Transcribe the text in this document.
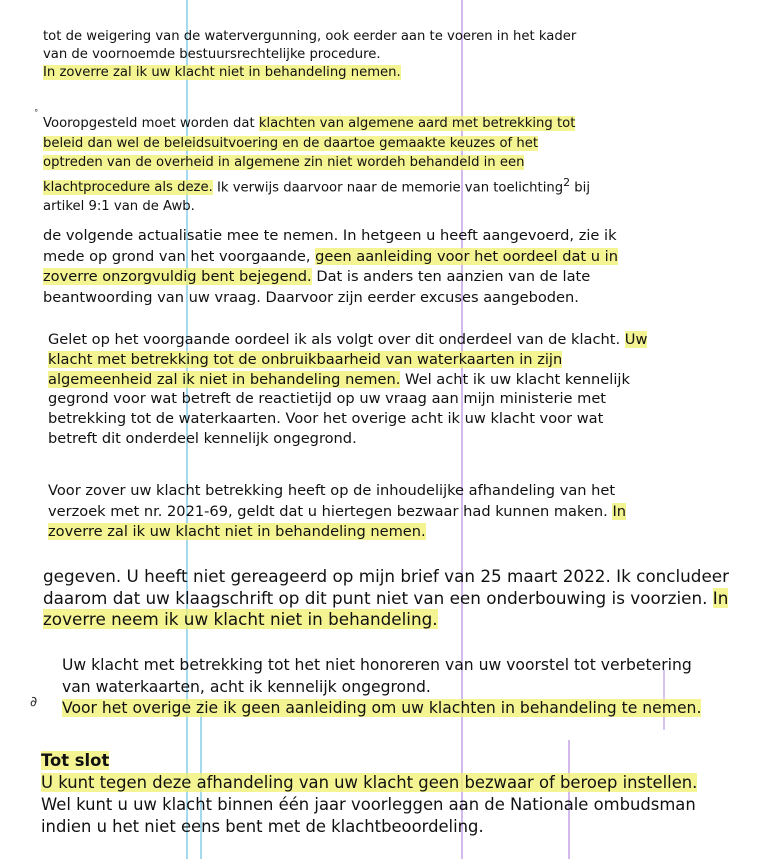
˚
∂
tot de weigering van de watervergunning, ook eerder aan te voeren in het kader
van de voornoemde bestuursrechtelijke procedure.
In zoverre zal ik uw klacht niet in behandeling nemen.
Vooropgesteld moet worden dat klachten van algemene aard met betrekking tot
beleid dan wel de beleidsuitvoering en de daartoe gemaakte keuzes of het
optreden van de overheid in algemene zin niet wordeh behandeld in een
klachtprocedure als deze. Ik verwijs daarvoor naar de memorie van toelichting$^2$ bij
artikel 9:1 van de Awb.
de volgende actualisatie mee te nemen. In hetgeen u heeft aangevoerd, zie ik
mede op grond van het voorgaande, geen aanleiding voor het oordeel dat u in
zoverre onzorgvuldig bent bejegend. Dat is anders ten aanzien van de late
beantwoording van uw vraag. Daarvoor zijn eerder excuses aangeboden.
Gelet op het voorgaande oordeel ik als volgt over dit onderdeel van de klacht. Uw
klacht met betrekking tot de onbruikbaarheid van waterkaarten in zijn
algemeenheid zal ik niet in behandeling nemen. Wel acht ik uw klacht kennelijk
gegrond voor wat betreft de reactietijd op uw vraag aan mijn ministerie met
betrekking tot de waterkaarten. Voor het overige acht ik uw klacht voor wat
betreft dit onderdeel kennelijk ongegrond.
Voor zover uw klacht betrekking heeft op de inhoudelijke afhandeling van het
verzoek met nr. 2021-69, geldt dat u hiertegen bezwaar had kunnen maken. In
zoverre zal ik uw klacht niet in behandeling nemen.
gegeven. U heeft niet gereageerd op mijn brief van 25 maart 2022. Ik concludeer
daarom dat uw klaagschrift op dit punt niet van een onderbouwing is voorzien. In
zoverre neem ik uw klacht niet in behandeling.
Uw klacht met betrekking tot het niet honoreren van uw voorstel tot verbetering
van waterkaarten, acht ik kennelijk ongegrond.
Voor het overige zie ik geen aanleiding om uw klachten in behandeling te nemen.
Tot slot
U kunt tegen deze afhandeling van uw klacht geen bezwaar of beroep instellen.
Wel kunt u uw klacht binnen één jaar voorleggen aan de Nationale ombudsman
indien u het niet eens bent met de klachtbeoordeling.
